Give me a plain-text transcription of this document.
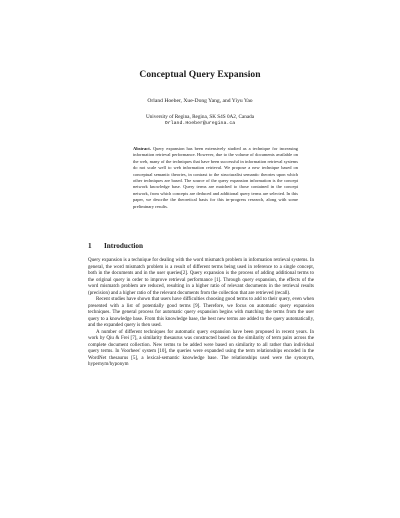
Conceptual Query Expansion
Orland Hoeber, Xue-Dong Yang, and Yiyu Yao
University of Regina, Regina, SK S4S 0A2, Canada
Orland.Hoeber@uregina.ca
Abstract. Query expansion has been extensively studied as a technique for increasing information retrieval performance. However, due to the volume of documents available on the web, many of the techniques that have been successful in information retrieval systems do not scale well to web information retrieval. We propose a new technique based on conceptual semantic theories, in contrast to the structuralist semantic theories upon which other techniques are based. The source of the query expansion information is the concept network knowledge base. Query terms are matched to those contained in the concept network, from which concepts are deduced and additional query terms are selected. In this paper, we describe the theoretical basis for this in-progress research, along with some preliminary results.
1 Introduction

Query expansion is a technique for dealing with the word mismatch problem in information retrieval systems. In general, the word mismatch problem is a result of different terms being used in reference to a single concept, both in the documents and in the user queries[2]. Query expansion is the process of adding additional terms to the original query in order to improve retrieval performance [1]. Through query expansion, the effects of the word mismatch problem are reduced, resulting in a higher ratio of relevant documents in the retrieval results (precision) and a higher ratio of the relevant documents from the collection that are retrieved (recall).

Recent studies have shown that users have difficulties choosing good terms to add to their query, even when presented with a list of potentially good terms [9]. Therefore, we focus on automatic query expansion techniques. The general process for automatic query expansion begins with matching the terms from the user query to a knowledge base. From this knowledge base, the best new terms are added to the query automatically, and the expanded query is then used.

A number of different techniques for automatic query expansion have been proposed in recent years. In work by Qiu & Frei [7], a similarity thesaurus was constructed based on the similarity of term pairs across the complete document collection. New terms to be added were based on similarity to all rather than individual query terms. In Voorhees' system [10], the queries were expanded using the term relationships encoded in the WordNet thesaurus [5], a lexical-semantic knowledge base. The relationships used were the synonym, hypernym/hyponym
